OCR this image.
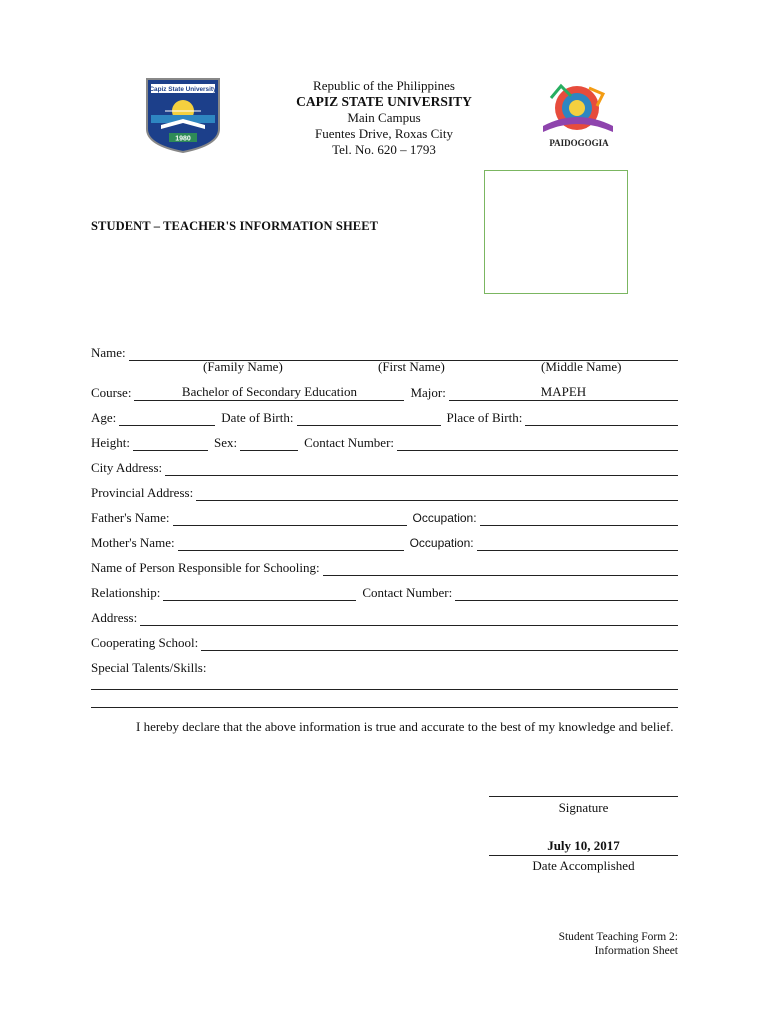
Capiz State University
1980
Republic of the Philippines
CAPIZ STATE UNIVERSITY
Main Campus
Fuentes Drive, Roxas City
Tel. No. 620 – 1793	PAIDOGOGIA
STUDENT – TEACHER'S INFORMATION SHEET
Name:
(Family Name)	(First Name)	(Middle Name)
Course:	Bachelor of Secondary Education	Major:	MAPEH
Age:	Date of Birth:	Place of Birth:
Height:	Sex:	Contact Number:
City Address:
Provincial Address:
Father's Name:	Occupation:
Mother's Name:	Occupation:
Name of Person Responsible for Schooling:
Relationship:	Contact Number:
Address:
Cooperating School:
Special Talents/Skills:
I hereby declare that the above information is true and accurate to the best of my knowledge and belief.
Signature
July 10, 2017
Date Accomplished
Student Teaching Form 2:
Information Sheet
